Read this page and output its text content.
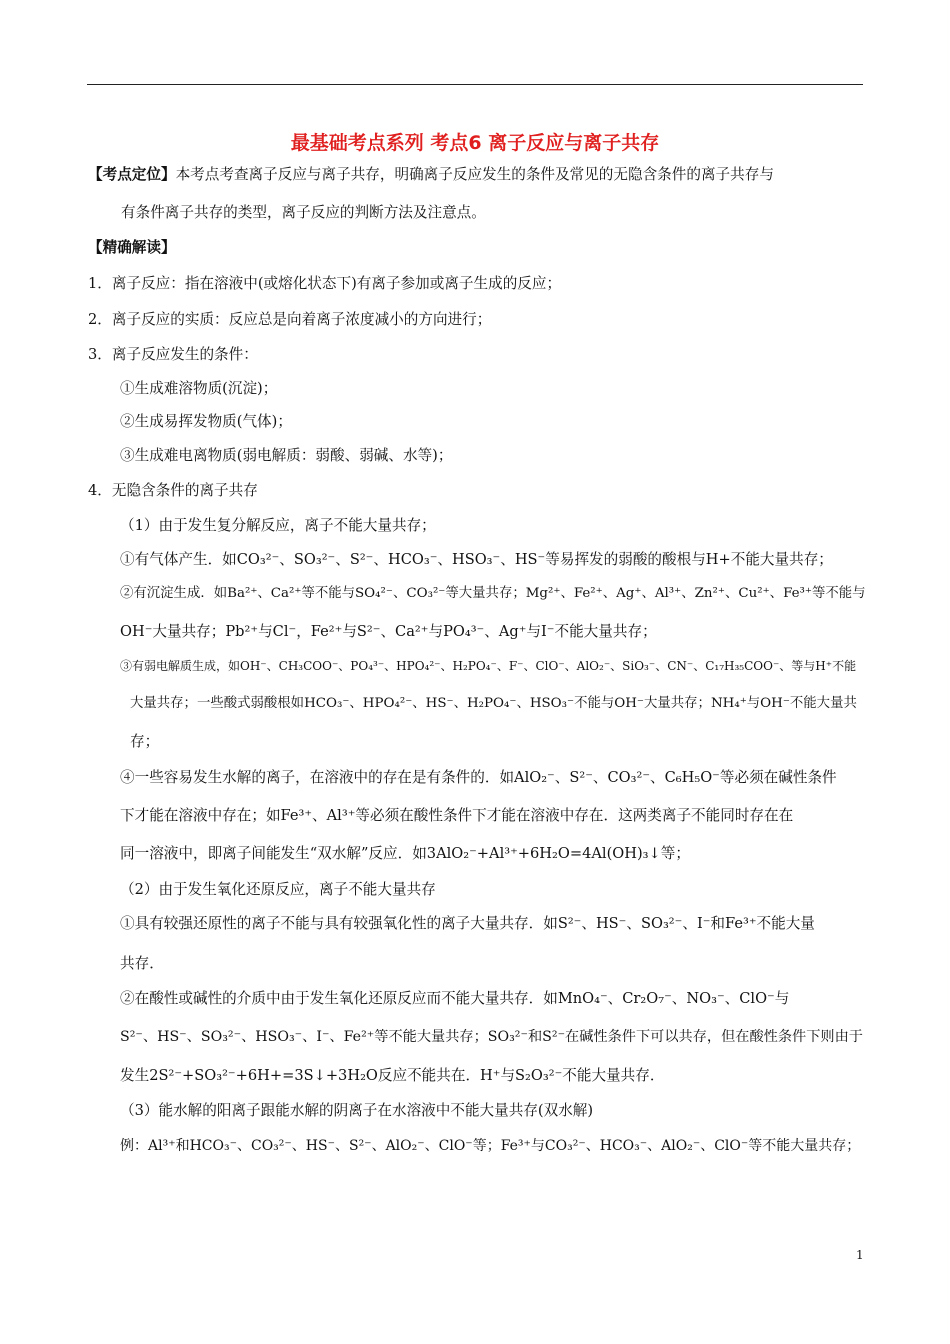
最基础考点系列 考点6 离子反应与离子共存
【考点定位】本考点考查离子反应与离子共存，明确离子反应发生的条件及常见的无隐含条件的离子共存与
有条件离子共存的类型，离子反应的判断方法及注意点。
【精确解读】
1．离子反应：指在溶液中(或熔化状态下)有离子参加或离子生成的反应；
2．离子反应的实质：反应总是向着离子浓度减小的方向进行；
3．离子反应发生的条件：
①生成难溶物质(沉淀)；
②生成易挥发物质(气体)；
③生成难电离物质(弱电解质：弱酸、弱碱、水等)；
4．无隐含条件的离子共存
（1）由于发生复分解反应，离子不能大量共存；
①有气体产生．如CO₃²⁻、SO₃²⁻、S²⁻、HCO₃⁻、HSO₃⁻、HS⁻等易挥发的弱酸的酸根与H+不能大量共存；
②有沉淀生成．如Ba²⁺、Ca²⁺等不能与SO₄²⁻、CO₃²⁻等大量共存；Mg²⁺、Fe²⁺、Ag⁺、Al³⁺、Zn²⁺、Cu²⁺、Fe³⁺等不能与
OH⁻大量共存；Pb²⁺与Cl⁻，Fe²⁺与S²⁻、Ca²⁺与PO₄³⁻、Ag⁺与I⁻不能大量共存；
③有弱电解质生成，如OH⁻、CH₃COO⁻、PO₄³⁻、HPO₄²⁻、H₂PO₄⁻、F⁻、ClO⁻、AlO₂⁻、SiO₃⁻、CN⁻、C₁₇H₃₅COO⁻、等与H⁺不能
大量共存；一些酸式弱酸根如HCO₃⁻、HPO₄²⁻、HS⁻、H₂PO₄⁻、HSO₃⁻不能与OH⁻大量共存；NH₄⁺与OH⁻不能大量共
存；
④一些容易发生水解的离子，在溶液中的存在是有条件的．如AlO₂⁻、S²⁻、CO₃²⁻、C₆H₅O⁻等必须在碱性条件
下才能在溶液中存在；如Fe³⁺、Al³⁺等必须在酸性条件下才能在溶液中存在．这两类离子不能同时存在在
同一溶液中，即离子间能发生“双水解”反应．如3AlO₂⁻+Al³⁺+6H₂O=4Al(OH)₃↓等；
（2）由于发生氧化还原反应，离子不能大量共存
①具有较强还原性的离子不能与具有较强氧化性的离子大量共存．如S²⁻、HS⁻、SO₃²⁻、I⁻和Fe³⁺不能大量
共存．
②在酸性或碱性的介质中由于发生氧化还原反应而不能大量共存．如MnO₄⁻、Cr₂O₇⁻、NO₃⁻、ClO⁻与
S²⁻、HS⁻、SO₃²⁻、HSO₃⁻、I⁻、Fe²⁺等不能大量共存；SO₃²⁻和S²⁻在碱性条件下可以共存，但在酸性条件下则由于
发生2S²⁻+SO₃²⁻+6H+=3S↓+3H₂O反应不能共在．H⁺与S₂O₃²⁻不能大量共存．
（3）能水解的阳离子跟能水解的阴离子在水溶液中不能大量共存(双水解)
例：Al³⁺和HCO₃⁻、CO₃²⁻、HS⁻、S²⁻、AlO₂⁻、ClO⁻等；Fe³⁺与CO₃²⁻、HCO₃⁻、AlO₂⁻、ClO⁻等不能大量共存；
1
